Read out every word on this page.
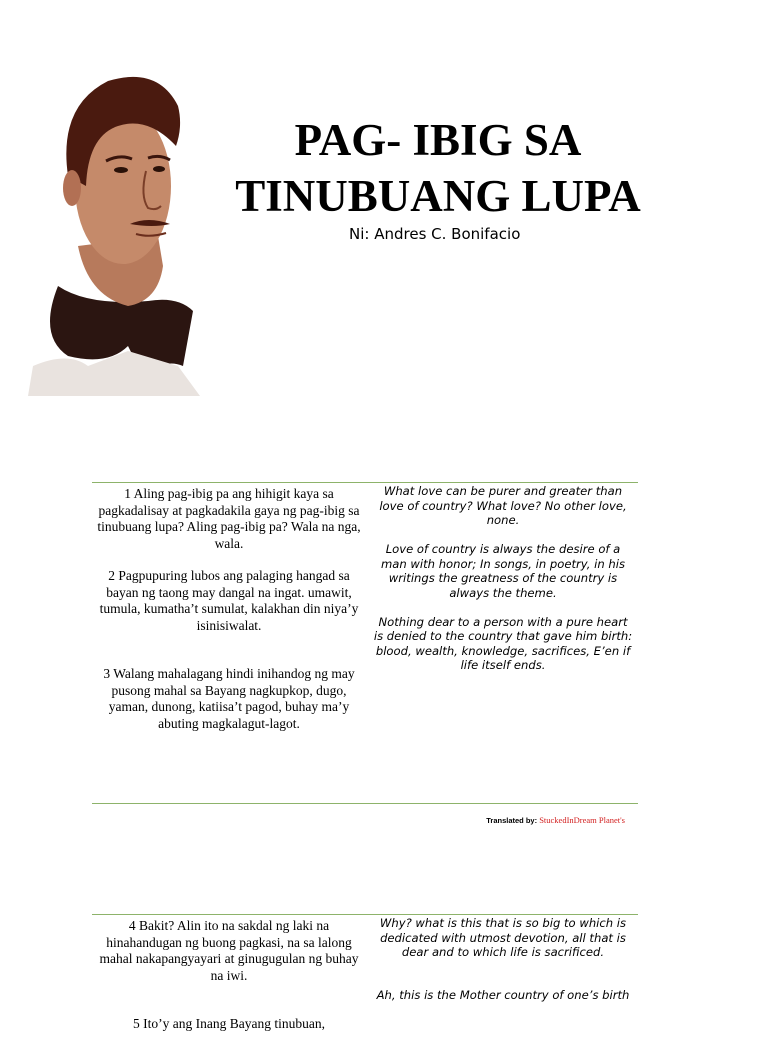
PAG- IBIG SA TINUBUANG LUPA

Ni: Andres C. Bonifacio

1 Aling pag-ibig pa ang hihigit kaya sa pagkadalisay at pagkadakila gaya ng pag-ibig sa tinubuang lupa? Aling pag-ibig pa? Wala na nga, wala.

2 Pagpupuring lubos ang palaging hangad sa bayan ng taong may dangal na ingat. umawit, tumula, kumatha’t sumulat, kalakhan din niya’y isinisiwalat.

3 Walang mahalagang hindi inihandog ng may pusong mahal sa Bayang nagkupkop, dugo, yaman, dunong, katiisa’t pagod, buhay ma’y abuting magkalagut-lagot.

What love can be purer and greater than love of country? What love? No other love, none.

Love of country is always the desire of a man with honor; In songs, in poetry, in his writings the greatness of the country is always the theme.

Nothing dear to a person with a pure heart is denied to the country that gave him birth: blood, wealth, knowledge, sacrifices, E’en if life itself ends.

Translated by: StuckedInDream Planet's

4 Bakit? Alin ito na sakdal ng laki na hinahandugan ng buong pagkasi, na sa lalong mahal nakapangyayari at ginugugulan ng buhay na iwi.

5 Ito’y ang Inang Bayang tinubuan,

Why? what is this that is so big to which is dedicated with utmost devotion, all that is dear and to which life is sacrificed.

Ah, this is the Mother country of one’s birth
